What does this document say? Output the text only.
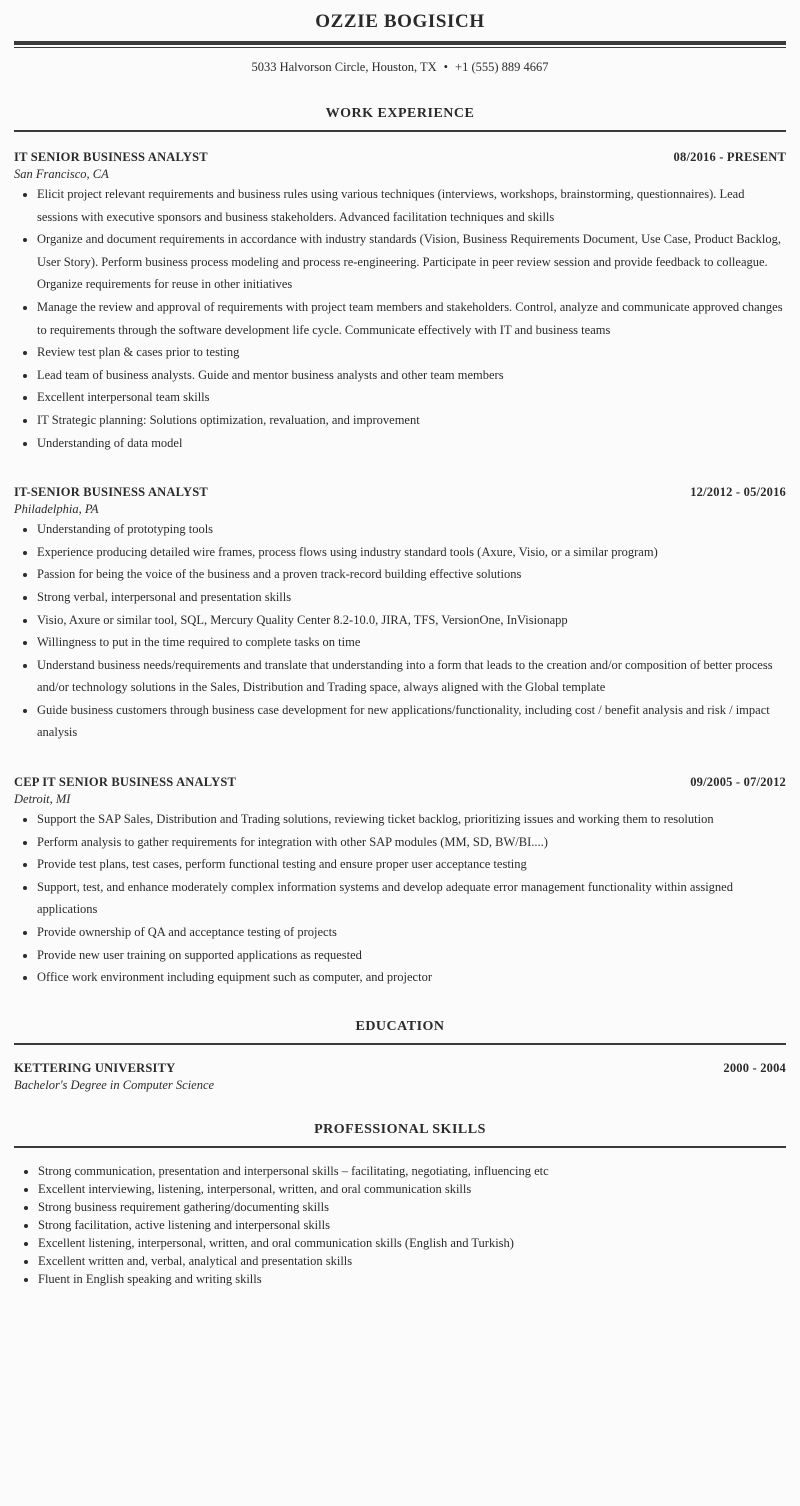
OZZIE BOGISICH
5033 Halvorson Circle, Houston, TX • +1 (555) 889 4667
WORK EXPERIENCE
IT SENIOR BUSINESS ANALYST	08/2016 - PRESENT
San Francisco, CA
• Elicit project relevant requirements and business rules using various techniques (interviews, workshops, brainstorming, questionnaires). Lead sessions with executive sponsors and business stakeholders. Advanced facilitation techniques and skills
• Organize and document requirements in accordance with industry standards (Vision, Business Requirements Document, Use Case, Product Backlog, User Story). Perform business process modeling and process re-engineering. Participate in peer review session and provide feedback to colleague. Organize requirements for reuse in other initiatives
• Manage the review and approval of requirements with project team members and stakeholders. Control, analyze and communicate approved changes to requirements through the software development life cycle. Communicate effectively with IT and business teams
• Review test plan & cases prior to testing
• Lead team of business analysts. Guide and mentor business analysts and other team members
• Excellent interpersonal team skills
• IT Strategic planning: Solutions optimization, revaluation, and improvement
• Understanding of data model
IT-SENIOR BUSINESS ANALYST	12/2012 - 05/2016
Philadelphia, PA
• Understanding of prototyping tools
• Experience producing detailed wire frames, process flows using industry standard tools (Axure, Visio, or a similar program)
• Passion for being the voice of the business and a proven track-record building effective solutions
• Strong verbal, interpersonal and presentation skills
• Visio, Axure or similar tool, SQL, Mercury Quality Center 8.2-10.0, JIRA, TFS, VersionOne, InVisionapp
• Willingness to put in the time required to complete tasks on time
• Understand business needs/requirements and translate that understanding into a form that leads to the creation and/or composition of better process and/or technology solutions in the Sales, Distribution and Trading space, always aligned with the Global template
• Guide business customers through business case development for new applications/functionality, including cost / benefit analysis and risk / impact analysis
CEP IT SENIOR BUSINESS ANALYST	09/2005 - 07/2012
Detroit, MI
• Support the SAP Sales, Distribution and Trading solutions, reviewing ticket backlog, prioritizing issues and working them to resolution
• Perform analysis to gather requirements for integration with other SAP modules (MM, SD, BW/BI....)
• Provide test plans, test cases, perform functional testing and ensure proper user acceptance testing
• Support, test, and enhance moderately complex information systems and develop adequate error management functionality within assigned applications
• Provide ownership of QA and acceptance testing of projects
• Provide new user training on supported applications as requested
• Office work environment including equipment such as computer, and projector
EDUCATION
KETTERING UNIVERSITY	2000 - 2004
Bachelor's Degree in Computer Science
PROFESSIONAL SKILLS
• Strong communication, presentation and interpersonal skills – facilitating, negotiating, influencing etc
• Excellent interviewing, listening, interpersonal, written, and oral communication skills
• Strong business requirement gathering/documenting skills
• Strong facilitation, active listening and interpersonal skills
• Excellent listening, interpersonal, written, and oral communication skills (English and Turkish)
• Excellent written and, verbal, analytical and presentation skills
• Fluent in English speaking and writing skills
